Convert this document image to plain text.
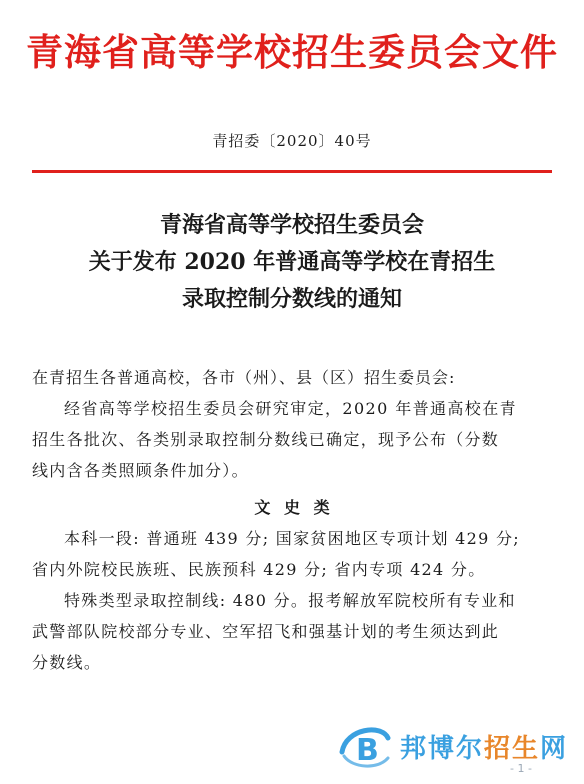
青海省高等学校招生委员会文件
青招委〔2020〕40号
青海省高等学校招生委员会
关于发布 2020 年普通高等学校在青招生
录取控制分数线的通知

在青招生各普通高校，各市（州）、县（区）招生委员会:

经省高等学校招生委员会研究审定，2020 年普通高校在青

招生各批次、各类别录取控制分数线已确定，现予公布（分数

线内含各类照顾条件加分）。

文 史 类

本科一段: 普通班 439 分; 国家贫困地区专项计划 429 分;

省内外院校民族班、民族预科 429 分; 省内专项 424 分。

特殊类型录取控制线: 480 分。报考解放军院校所有专业和

武警部队院校部分专业、空军招飞和强基计划的考生须达到此

分数线。

B 邦博尔招生网
- 1 -
